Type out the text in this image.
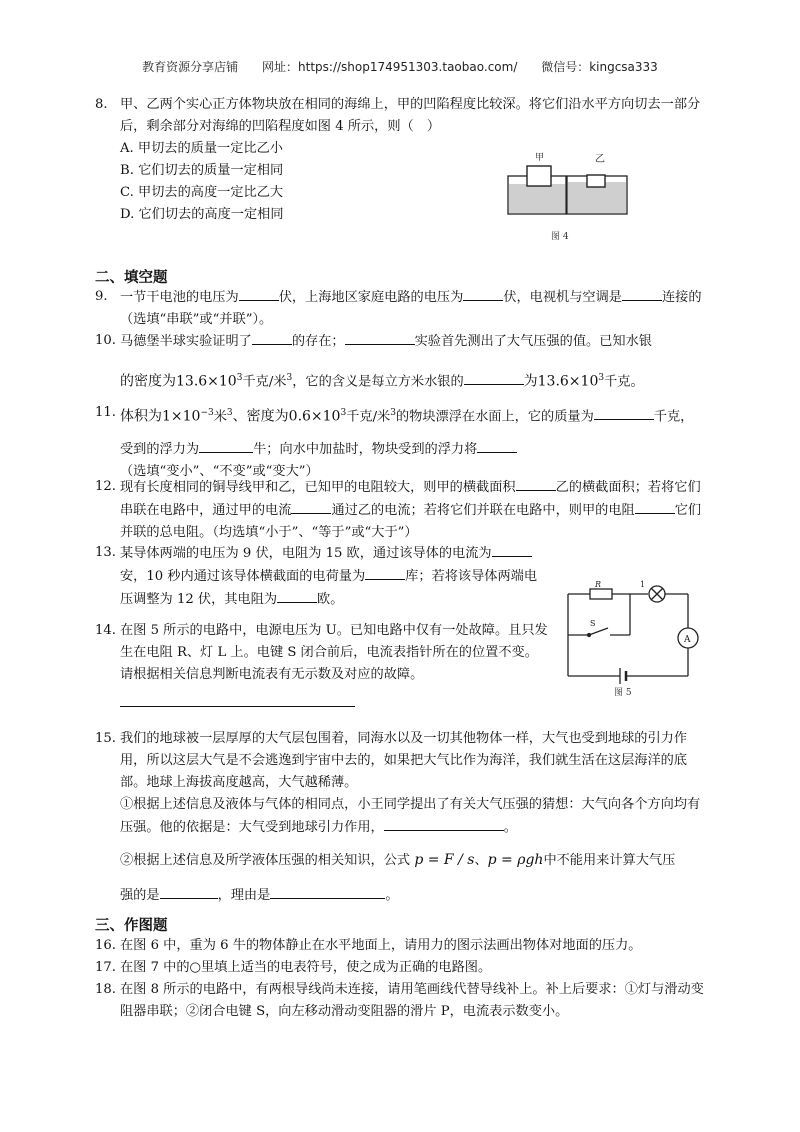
教育资源分享店铺 网址：https://shop174951303.taobao.com/ 微信号：kingcsa333
8. 甲、乙两个实心正方体物块放在相同的海绵上，甲的凹陷程度比较深。将它们沿水平方向切去一部分后，剩余部分对海绵的凹陷程度如图 4 所示，则（　）
A. 甲切去的质量一定比乙小
B. 它们切去的质量一定相同
C. 甲切去的高度一定比乙大
D. 它们切去的高度一定相同
甲	乙
图 4
二、填空题
9. 一节干电池的电压为	伏，上海地区家庭电路的电压为	伏，电视机与空调是	连接的（选填“串联”或“并联”）。
10. 马德堡半球实验证明了	的存在；	实验首先测出了大气压强的值。已知水银
的密度为$13.6\times 10^3$千克/米$^3$，它的含义是每立方米水银的	为$13.6\times 10^3$千克。
11. 体积为$1\times 10^{-3}$米$^3$、密度为$0.6\times 10^3$千克/米$^3$的物块漂浮在水面上，它的质量为	千克，
受到的浮力为	牛；向水中加盐时，物块受到的浮力将（选填“变小”、“不变”或“变大”）
12. 现有长度相同的铜导线甲和乙，已知甲的电阻较大，则甲的横截面积	乙的横截面积；若将它们串联在电路中，通过甲的电流	通过乙的电流；若将它们并联在电路中，则甲的电阻	它们并联的总电阻。（均选填“小于”、“等于”或“大于”）
13. 某导体两端的电压为 9 伏，电阻为 15 欧，通过该导体的电流为安，10 秒内通过该导体横截面的电荷量为	库；若将该导体两端电压调整为 12 伏，其电阻为	欧。
14. 在图 5 所示的电路中，电源电压为 U。已知电路中仅有一处故障。且只发生在电阻 R、灯 L 上。电键 S 闭合前后，电流表指针所在的位置不变。请根据相关信息判断电流表有无示数及对应的故障。
R	1
S
A
图 5
15. 我们的地球被一层厚厚的大气层包围着，同海水以及一切其他物体一样，大气也受到地球的引力作用，所以这层大气是不会逃逸到宇宙中去的，如果把大气比作为海洋，我们就生活在这层海洋的底部。地球上海拔高度越高，大气越稀薄。
①根据上述信息及液体与气体的相同点，小王同学提出了有关大气压强的猜想：大气向各个方向均有压强。他的依据是：大气受到地球引力作用，	。
②根据上述信息及所学液体压强的相关知识，公式 p = F / s、p = ρgh中不能用来计算大气压
强的是	，理由是	。
三、作图题
16. 在图 6 中，重为 6 牛的物体静止在水平地面上，请用力的图示法画出物体对地面的压力。
17. 在图 7 中的○里填上适当的电表符号，使之成为正确的电路图。
18. 在图 8 所示的电路中，有两根导线尚未连接，请用笔画线代替导线补上。补上后要求：①灯与滑动变阻器串联；②闭合电键 S，向左移动滑动变阻器的滑片 P，电流表示数变小。
